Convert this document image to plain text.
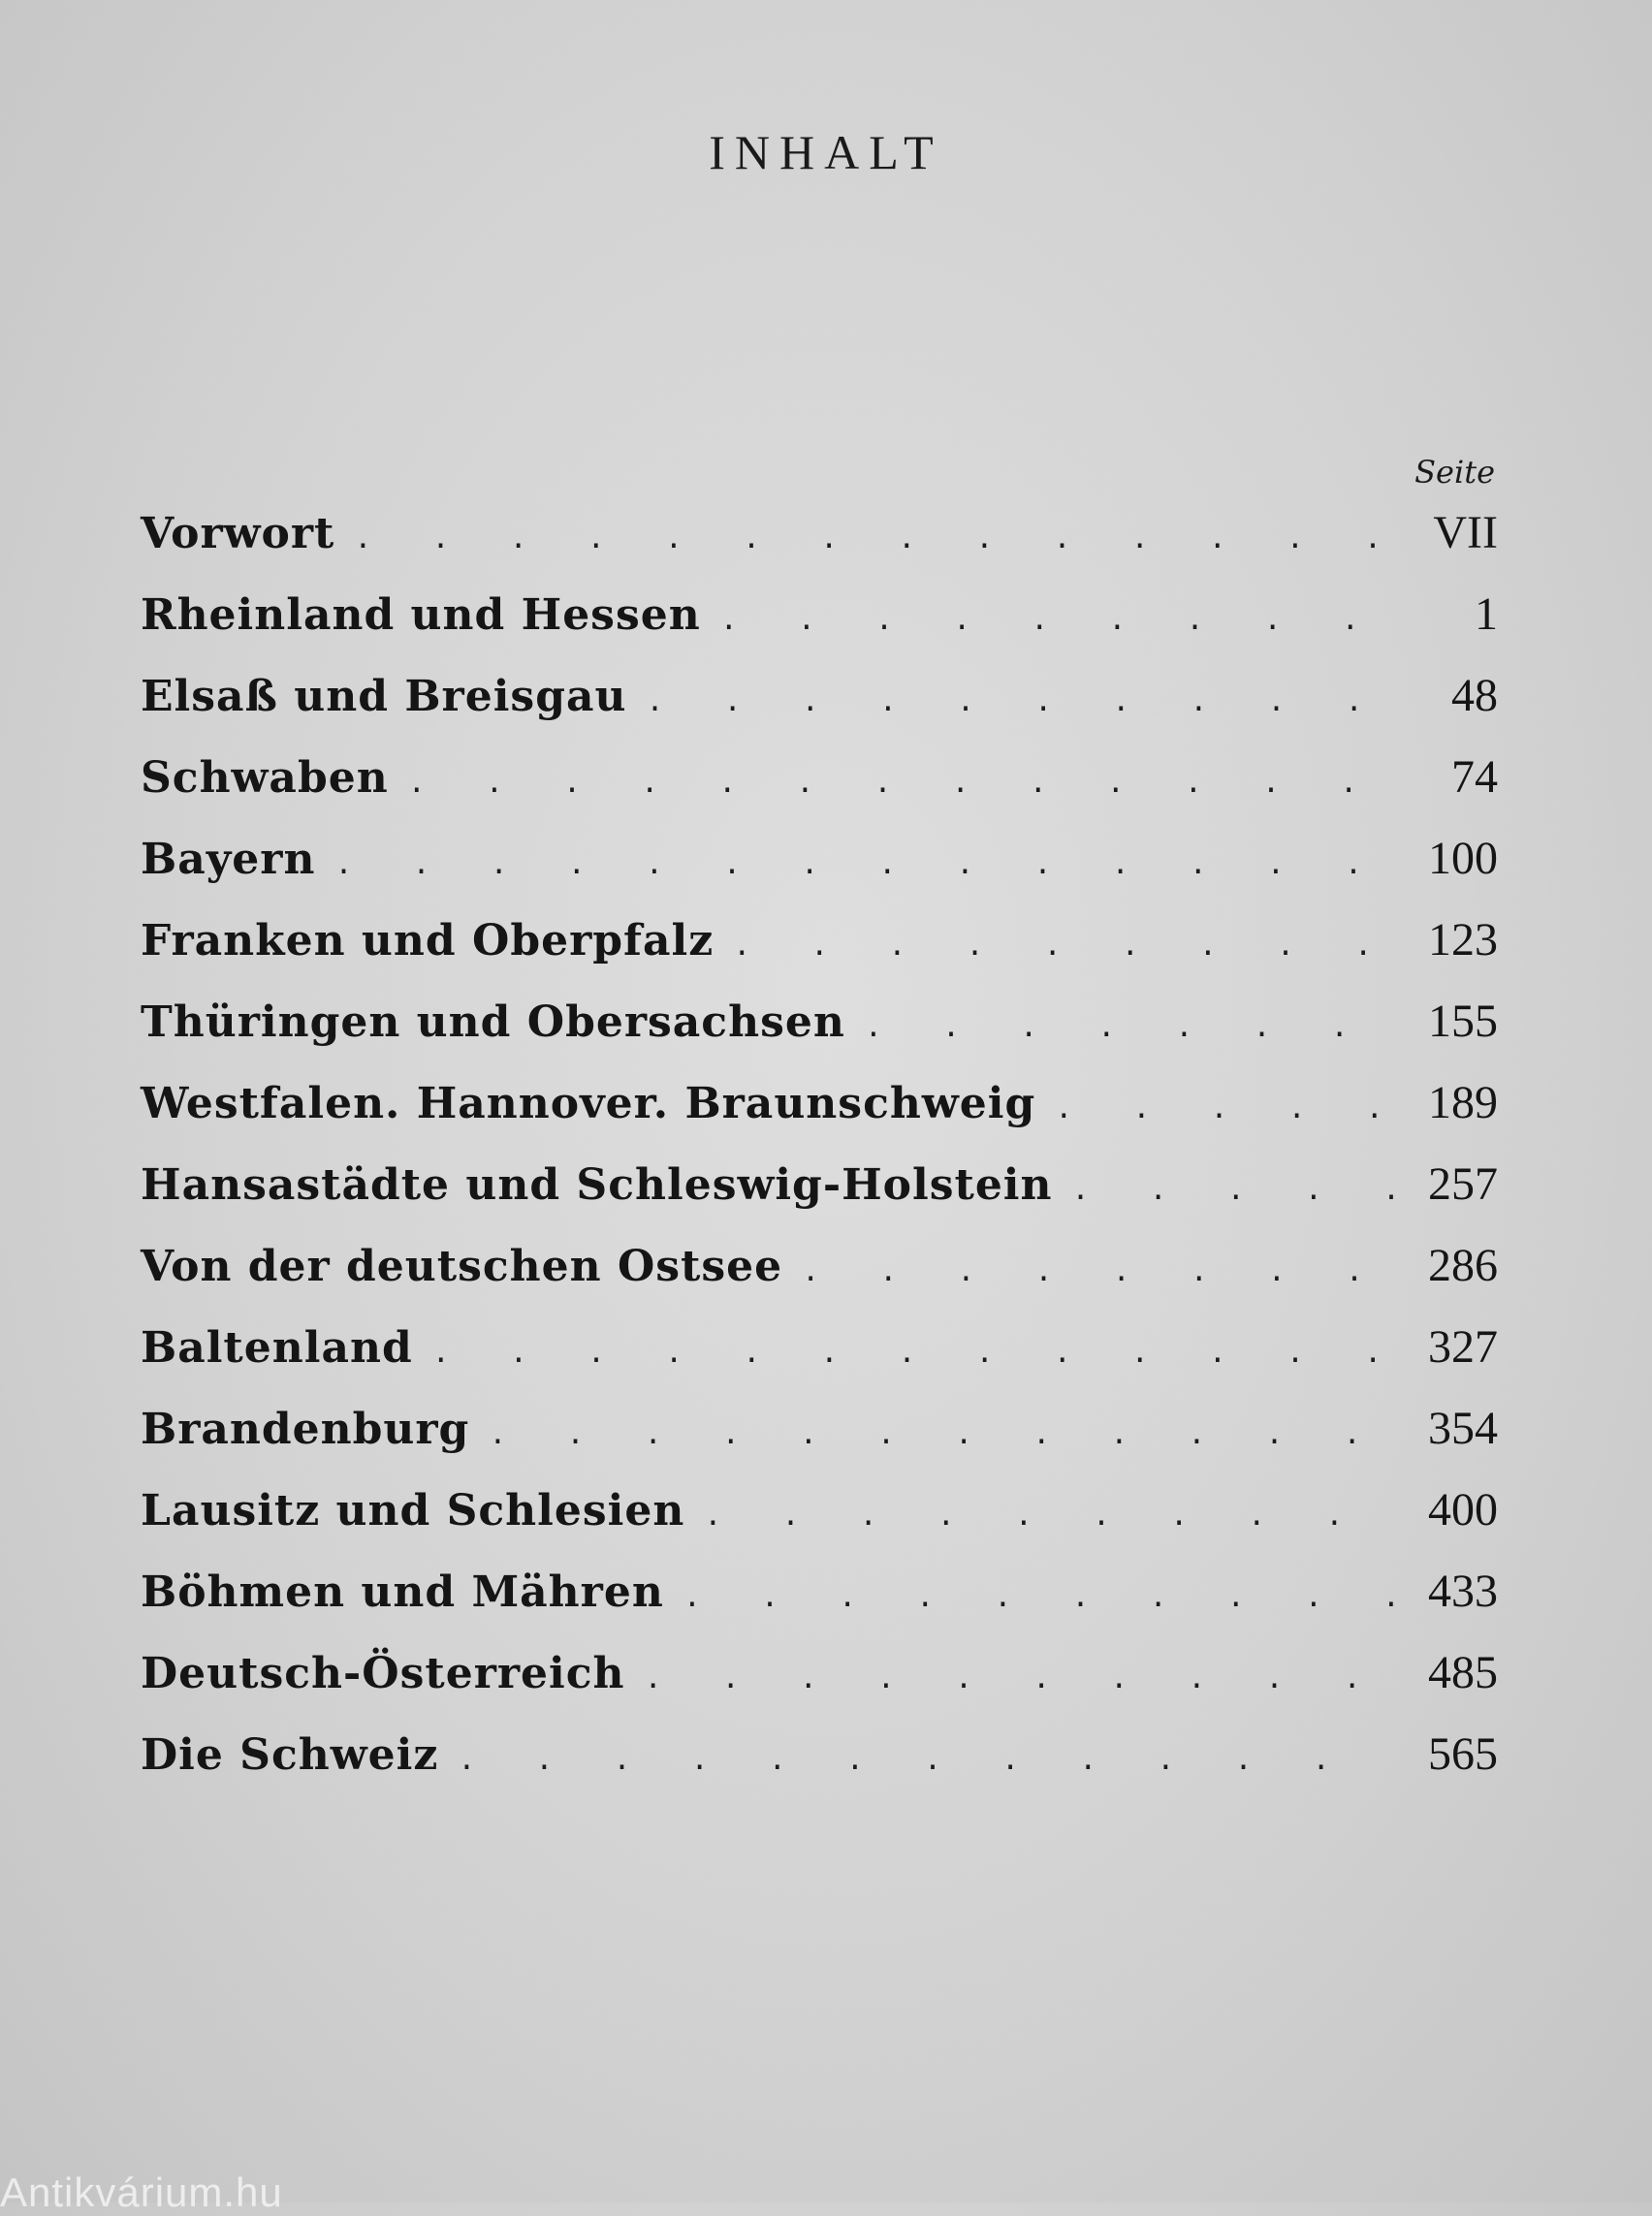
INHALT
Seite
Vorwort . . .	VII
Rheinland und Hessen . . .	1
Elsaß und Breisgau . . .	48
Schwaben . . .	74
Bayern . . .	100
Franken und Oberpfalz . . .	123
Thüringen und Obersachsen . . .	155
Westfalen. Hannover. Braunschweig . . .	189
Hansastädte und Schleswig-Holstein . . .	257
Von der deutschen Ostsee . . .	286
Baltenland . . .	327
Brandenburg . . .	354
Lausitz und Schlesien . . .	400
Böhmen und Mähren . . .	433
Deutsch-Österreich . . .	485
Die Schweiz . . .	565
Antikvárium.hu
